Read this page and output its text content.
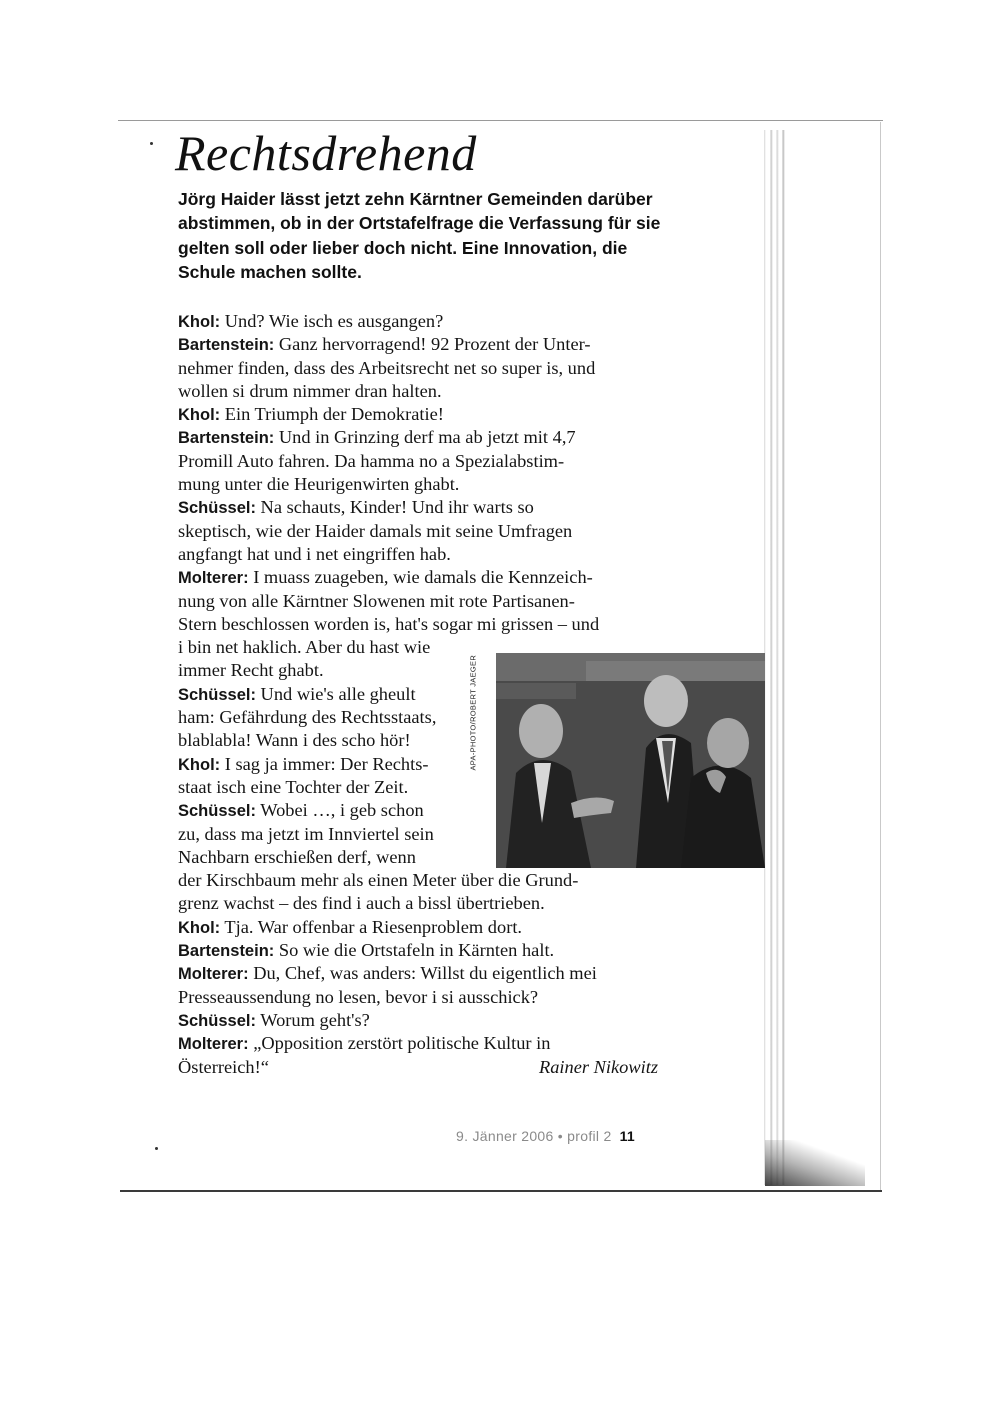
Rechtsdrehend
Jörg Haider lässt jetzt zehn Kärntner Gemeinden darüber
abstimmen, ob in der Ortstafelfrage die Verfassung für sie
gelten soll oder lieber doch nicht. Eine Innovation, die
Schule machen sollte.
Khol: Und? Wie isch es ausgangen?
Bartenstein: Ganz hervorragend! 92 Prozent der Unter-
nehmer finden, dass des Arbeitsrecht net so super is, und
wollen si drum nimmer dran halten.
Khol: Ein Triumph der Demokratie!
Bartenstein: Und in Grinzing derf ma ab jetzt mit 4,7
Promill Auto fahren. Da hamma no a Spezialabstim-
mung unter die Heurigenwirten ghabt.
Schüssel: Na schauts, Kinder! Und ihr warts so
skeptisch, wie der Haider damals mit seine Umfragen
angfangt hat und i net eingriffen hab.
Molterer: I muass zuageben, wie damals die Kennzeich-
nung von alle Kärntner Slowenen mit rote Partisanen-
Stern beschlossen worden is, hat's sogar mi grissen – und
i bin net haklich. Aber du hast wie
immer Recht ghabt.
Schüssel: Und wie's alle gheult
ham: Gefährdung des Rechtsstaats,
blablabla! Wann i des scho hör!
Khol: I sag ja immer: Der Rechts-
staat isch eine Tochter der Zeit.
Schüssel: Wobei …, i geb schon
zu, dass ma jetzt im Innviertel sein
Nachbarn erschießen derf, wenn
der Kirschbaum mehr als einen Meter über die Grund-
grenz wachst – des find i auch a bissl übertrieben.
Khol: Tja. War offenbar a Riesenproblem dort.
Bartenstein: So wie die Ortstafeln in Kärnten halt.
Molterer: Du, Chef, was anders: Willst du eigentlich mei
Presseaussendung no lesen, bevor i si ausschick?
Schüssel: Worum geht's?
Molterer: „Opposition zerstört politische Kultur in
Österreich!“	Rainer Nikowitz
APA-PHOTO/ROBERT JAEGER
9. Jänner 2006 • profil 2 11
